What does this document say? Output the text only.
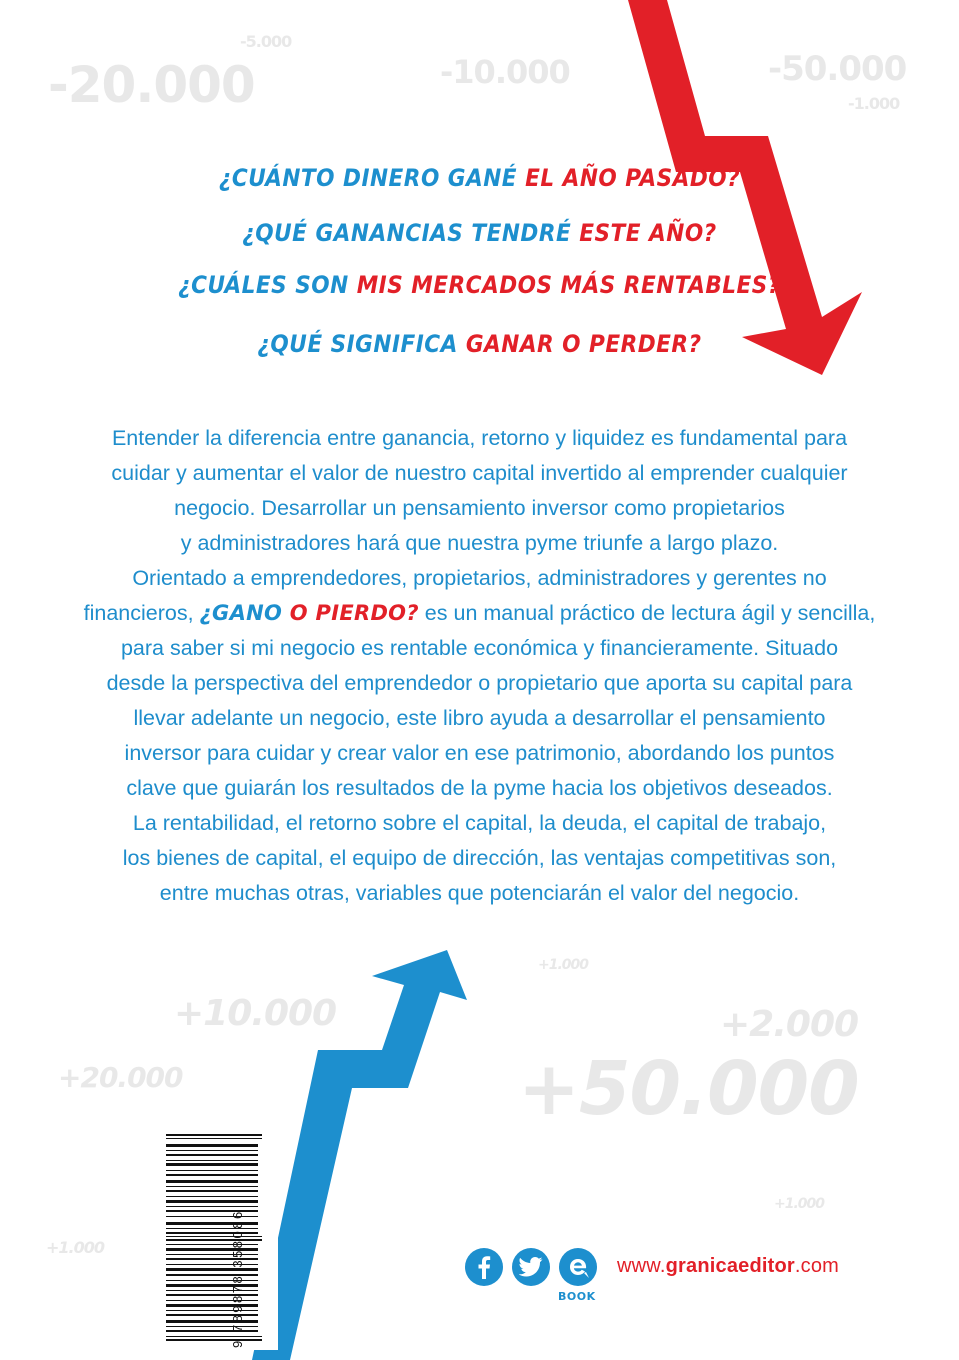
-5.000
-20.000	-10.000	-50.000
-1.000
+1.000
+10.000	+2.000
+20.000	+50.000
+1.000
+1.000
¿CUÁNTO DINERO GANÉ EL AÑO PASADO?
¿QUÉ GANANCIAS TENDRÉ ESTE AÑO?
¿CUÁLES SON MIS MERCADOS MÁS RENTABLES?
¿QUÉ SIGNIFICA GANAR O PERDER?

Entender la diferencia entre ganancia, retorno y liquidez es fundamental para

cuidar y aumentar el valor de nuestro capital invertido al emprender cualquier

negocio. Desarrollar un pensamiento inversor como propietarios

y administradores hará que nuestra pyme triunfe a largo plazo.

Orientado a emprendedores, propietarios, administradores y gerentes no

financieros, ¿GANO O PIERDO? es un manual práctico de lectura ágil y sencilla,

para saber si mi negocio es rentable económica y financieramente. Situado

desde la perspectiva del emprendedor o propietario que aporta su capital para

llevar adelante un negocio, este libro ayuda a desarrollar el pensamiento

inversor para cuidar y crear valor en ese patrimonio, abordando los puntos

clave que guiarán los resultados de la pyme hacia los objetivos deseados.

La rentabilidad, el retorno sobre el capital, la deuda, el capital de trabajo,

los bienes de capital, el equipo de dirección, las ventajas competitivas son,

entre muchas otras, variables que potenciarán el valor del negocio.

9 789878 358086	BOOK
www.granicaeditor.com
